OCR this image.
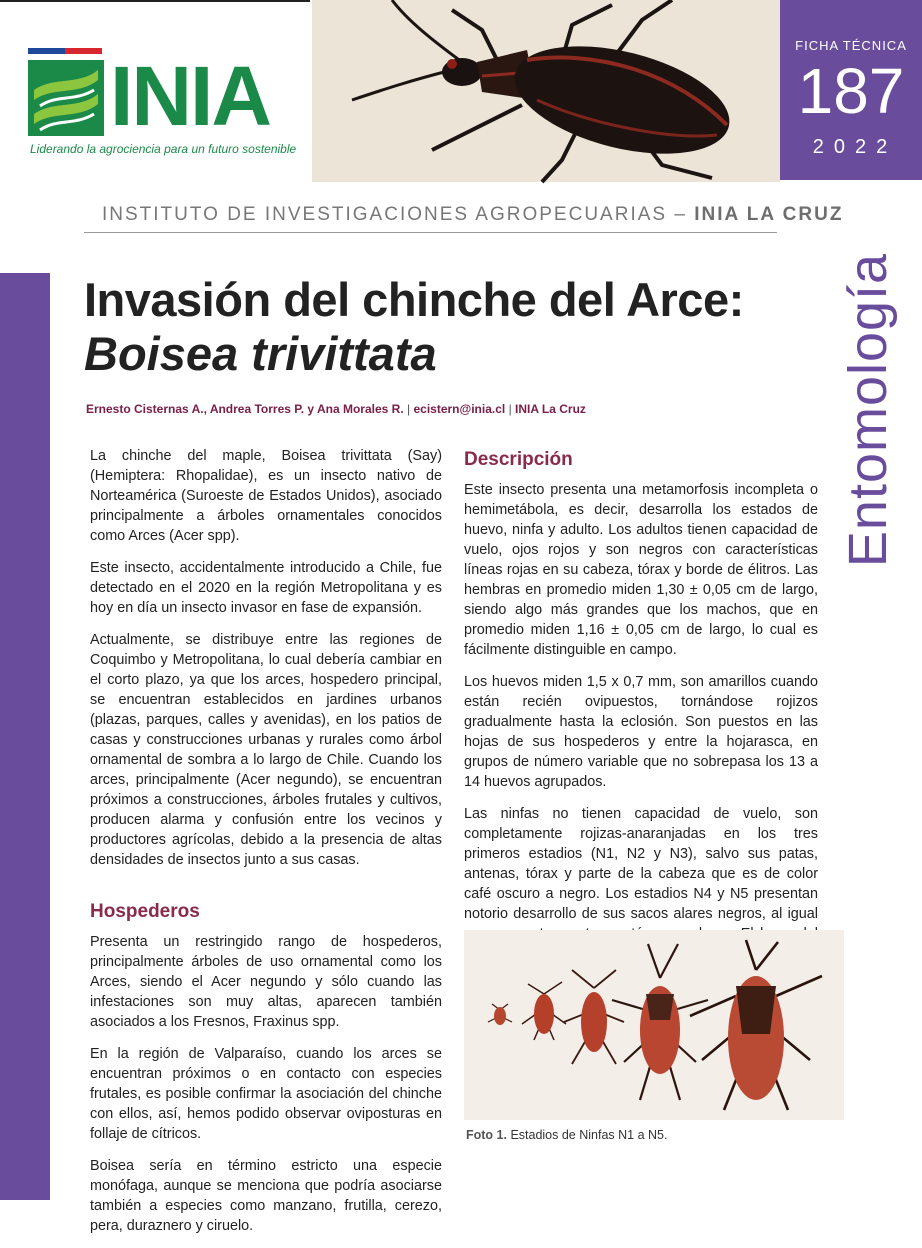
INIA
Liderando la agrociencia para un futuro sostenible
FICHA TÉCNICA
187
2022
INSTITUTO DE INVESTIGACIONES AGROPECUARIAS – INIA LA CRUZ
Entomología
Invasión del chinche del Arce:
Boisea trivittata
Ernesto Cisternas A., Andrea Torres P. y Ana Morales R. | ecistern@inia.cl | INIA La Cruz

La chinche del maple, Boisea trivittata (Say) (Hemiptera: Rhopalidae), es un insecto nativo de Norteamérica (Suroeste de Estados Unidos), asociado principalmente a árboles ornamentales conocidos como Arces (Acer spp).

Este insecto, accidentalmente introducido a Chile, fue detectado en el 2020 en la región Metropolitana y es hoy en día un insecto invasor en fase de expansión.

Actualmente, se distribuye entre las regiones de Coquimbo y Metropolitana, lo cual debería cambiar en el corto plazo, ya que los arces, hospedero principal, se encuentran establecidos en jardines urbanos (plazas, parques, calles y avenidas), en los patios de casas y construcciones urbanas y rurales como árbol ornamental de sombra a lo largo de Chile. Cuando los arces, principalmente (Acer negundo), se encuentran próximos a construcciones, árboles frutales y cultivos, producen alarma y confusión entre los vecinos y productores agrícolas, debido a la presencia de altas densidades de insectos junto a sus casas.

Hospederos

Presenta un restringido rango de hospederos, principalmente árboles de uso ornamental como los Arces, siendo el Acer negundo y sólo cuando las infestaciones son muy altas, aparecen también asociados a los Fresnos, Fraxinus spp.

En la región de Valparaíso, cuando los arces se encuentran próximos o en contacto con especies frutales, es posible confirmar la asociación del chinche con ellos, así, hemos podido observar oviposturas en follaje de cítricos.

Boisea sería en término estricto una especie monófaga, aunque se menciona que podría asociarse también a especies como manzano, frutilla, cerezo, pera, duraznero y ciruelo.

Descripción

Este insecto presenta una metamorfosis incompleta o hemimetábola, es decir, desarrolla los estados de huevo, ninfa y adulto. Los adultos tienen capacidad de vuelo, ojos rojos y son negros con características líneas rojas en su cabeza, tórax y borde de élitros. Las hembras en promedio miden 1,30 ± 0,05 cm de largo, siendo algo más grandes que los machos, que en promedio miden 1,16 ± 0,05 cm de largo, lo cual es fácilmente distinguible en campo.

Los huevos miden 1,5 x 0,7 mm, son amarillos cuando están recién ovipuestos, tornándose rojizos gradualmente hasta la eclosión. Son puestos en las hojas de sus hospederos y entre la hojarasca, en grupos de número variable que no sobrepasa los 13 a 14 huevos agrupados.

Las ninfas no tienen capacidad de vuelo, son completamente rojizas-anaranjadas en los tres primeros estadios (N1, N2 y N3), salvo sus patas, antenas, tórax y parte de la cabeza que es de color café oscuro a negro. Los estadios N4 y N5 presentan notorio desarrollo de sus sacos alares negros, al igual

Foto 1. Estadios de Ninfas N1 a N5.
